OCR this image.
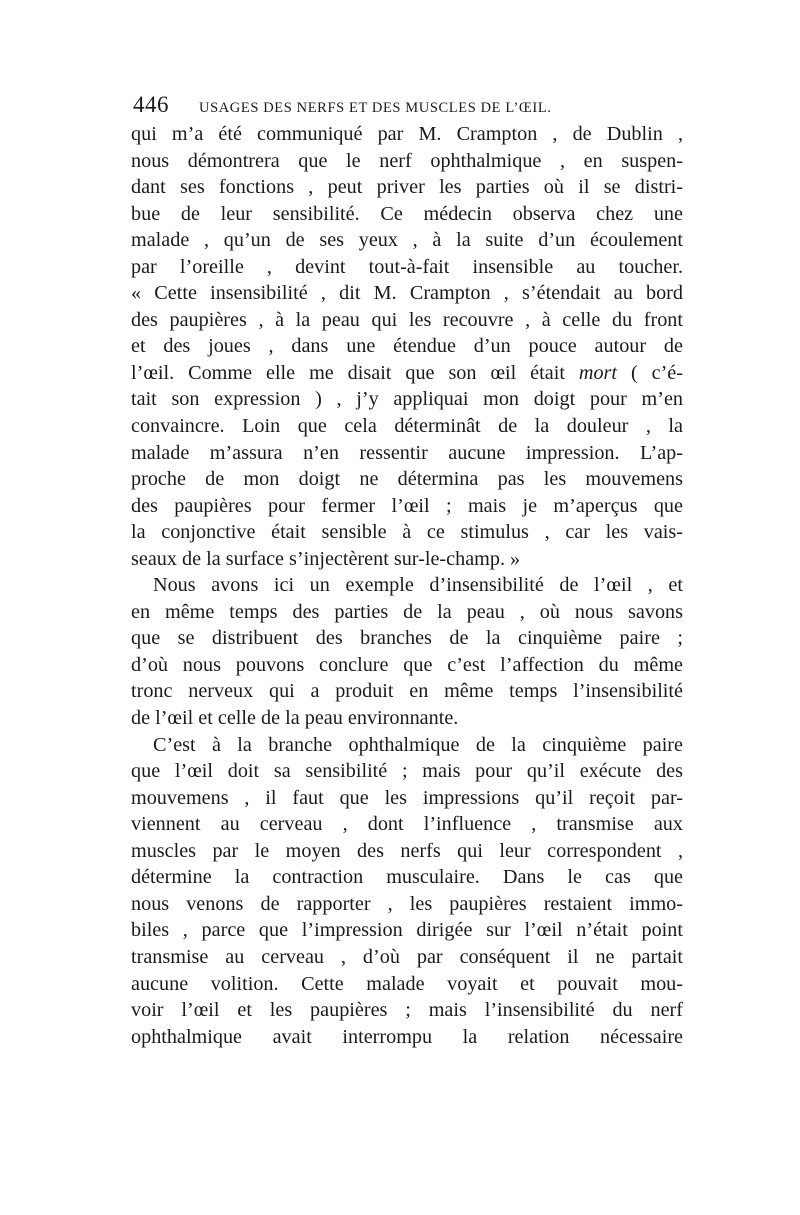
446 USAGES DES NERFS ET DES MUSCLES DE L’ŒIL.
qui m’a été communiqué par M. Crampton , de Dublin ,
nous démontrera que le nerf ophthalmique , en suspen-
dant ses fonctions , peut priver les parties où il se distri-
bue de leur sensibilité. Ce médecin observa chez une
malade , qu’un de ses yeux , à la suite d’un écoulement
par l’oreille , devint tout-à-fait insensible au toucher.
« Cette insensibilité , dit M. Crampton , s’étendait au bord
des paupières , à la peau qui les recouvre , à celle du front
et des joues , dans une étendue d’un pouce autour de
l’œil. Comme elle me disait que son œil était mort ( c’é-
tait son expression ) , j’y appliquai mon doigt pour m’en
convaincre. Loin que cela déterminât de la douleur , la
malade m’assura n’en ressentir aucune impression. L’ap-
proche de mon doigt ne détermina pas les mouvemens
des paupières pour fermer l’œil ; mais je m’aperçus que
la conjonctive était sensible à ce stimulus , car les vais-
seaux de la surface s’injectèrent sur-le-champ. »
Nous avons ici un exemple d’insensibilité de l’œil , et
en même temps des parties de la peau , où nous savons
que se distribuent des branches de la cinquième paire ;
d’où nous pouvons conclure que c’est l’affection du même
tronc nerveux qui a produit en même temps l’insensibilité
de l’œil et celle de la peau environnante.
C’est à la branche ophthalmique de la cinquième paire
que l’œil doit sa sensibilité ; mais pour qu’il exécute des
mouvemens , il faut que les impressions qu’il reçoit par-
viennent au cerveau , dont l’influence , transmise aux
muscles par le moyen des nerfs qui leur correspondent ,
détermine la contraction musculaire. Dans le cas que
nous venons de rapporter , les paupières restaient immo-
biles , parce que l’impression dirigée sur l’œil n’était point
transmise au cerveau , d’où par conséquent il ne partait
aucune volition. Cette malade voyait et pouvait mou-
voir l’œil et les paupières ; mais l’insensibilité du nerf
ophthalmique avait interrompu la relation nécessaire
